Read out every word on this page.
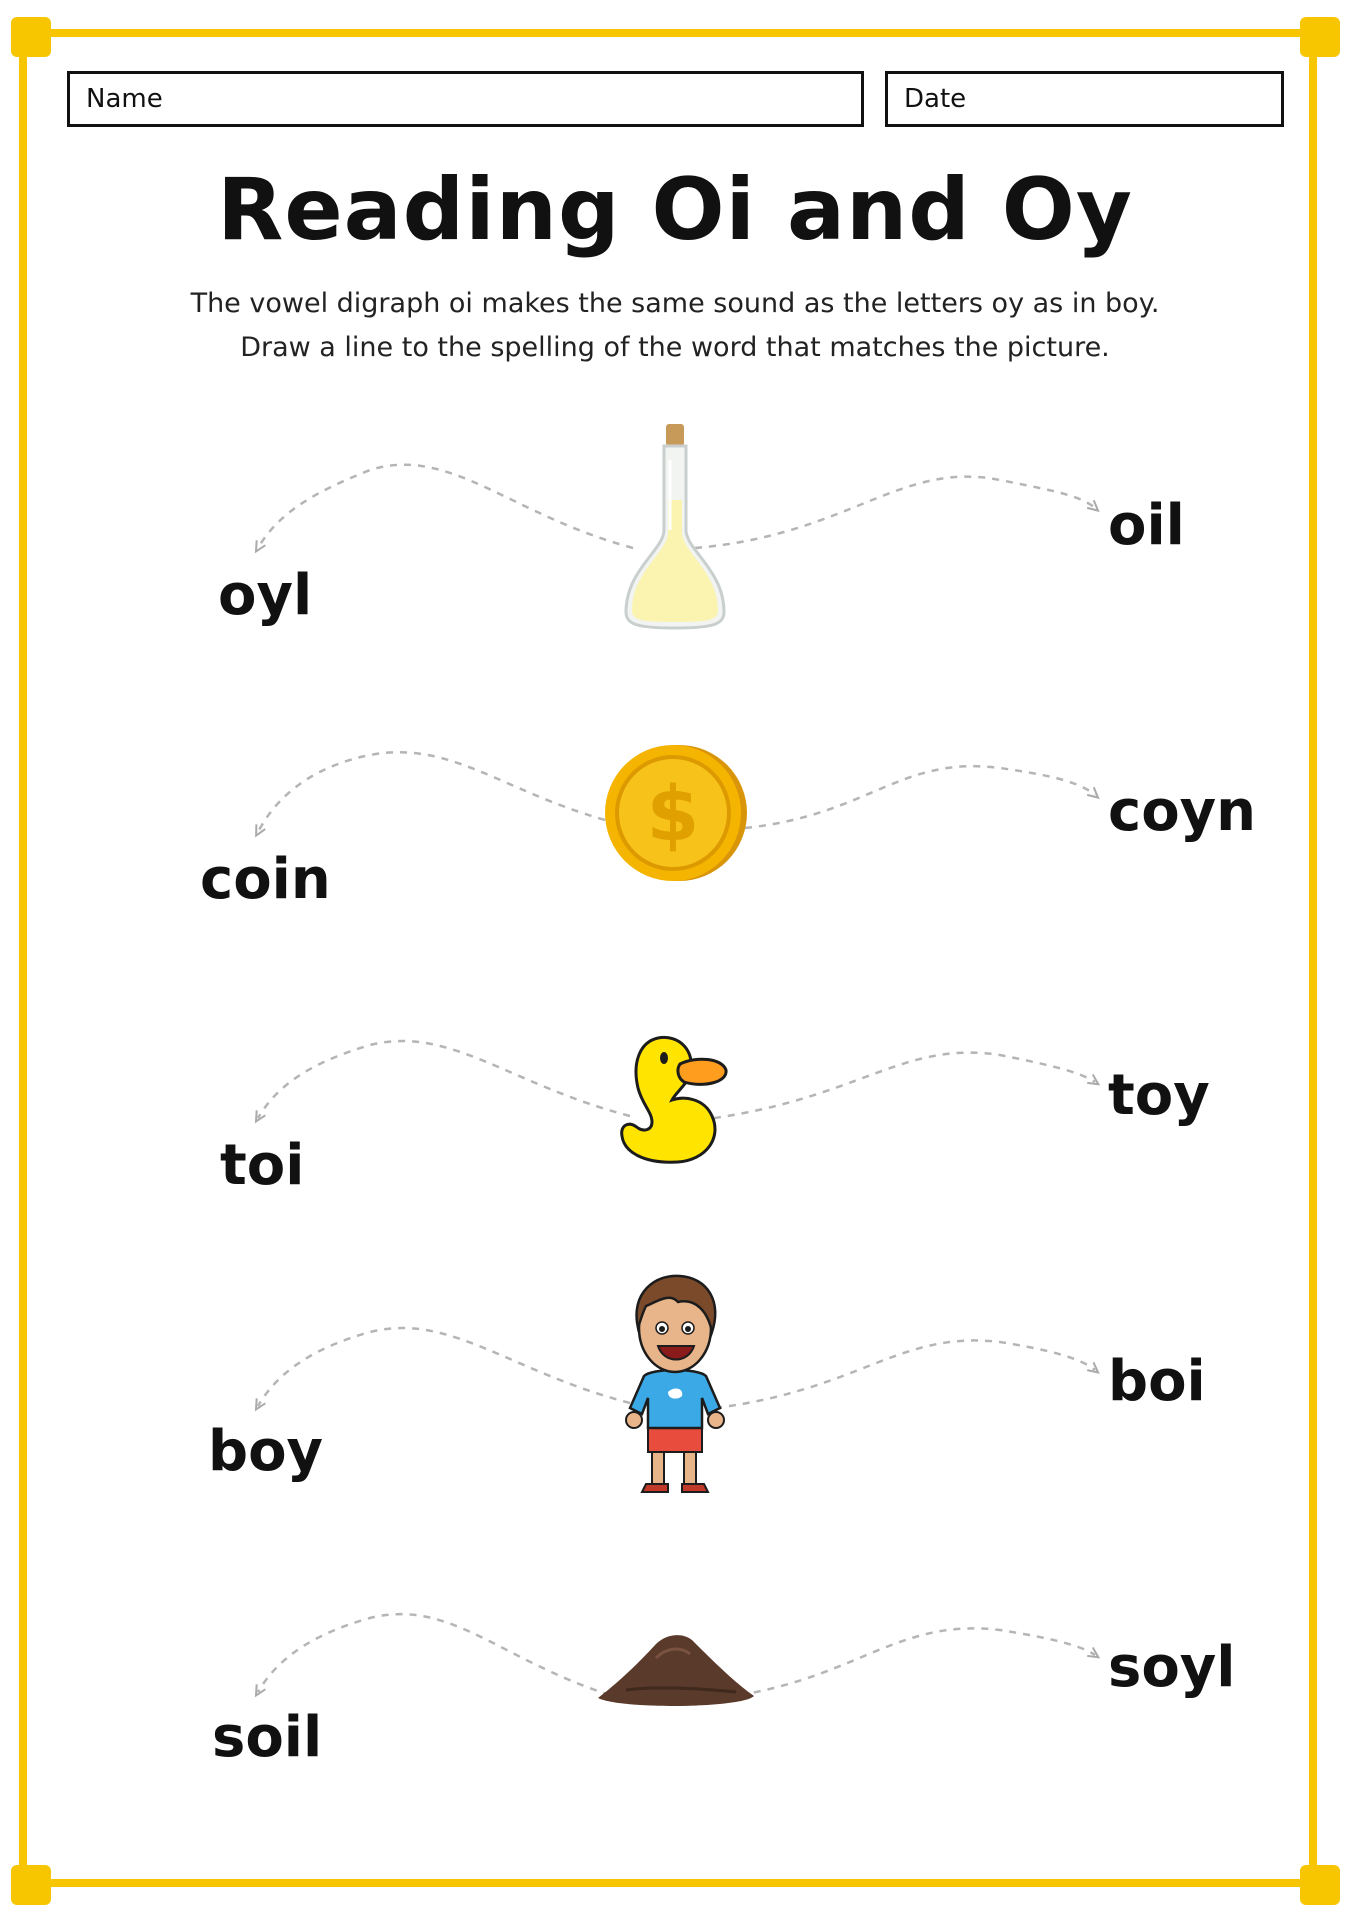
Name	Date
Reading Oi and Oy
The vowel digraph oi makes the same sound as the letters oy as in boy.
Draw a line to the spelling of the word that matches the picture.
oyl
oil
coin
coyn
$
toi
toy
boy
boi
soil
soyl
